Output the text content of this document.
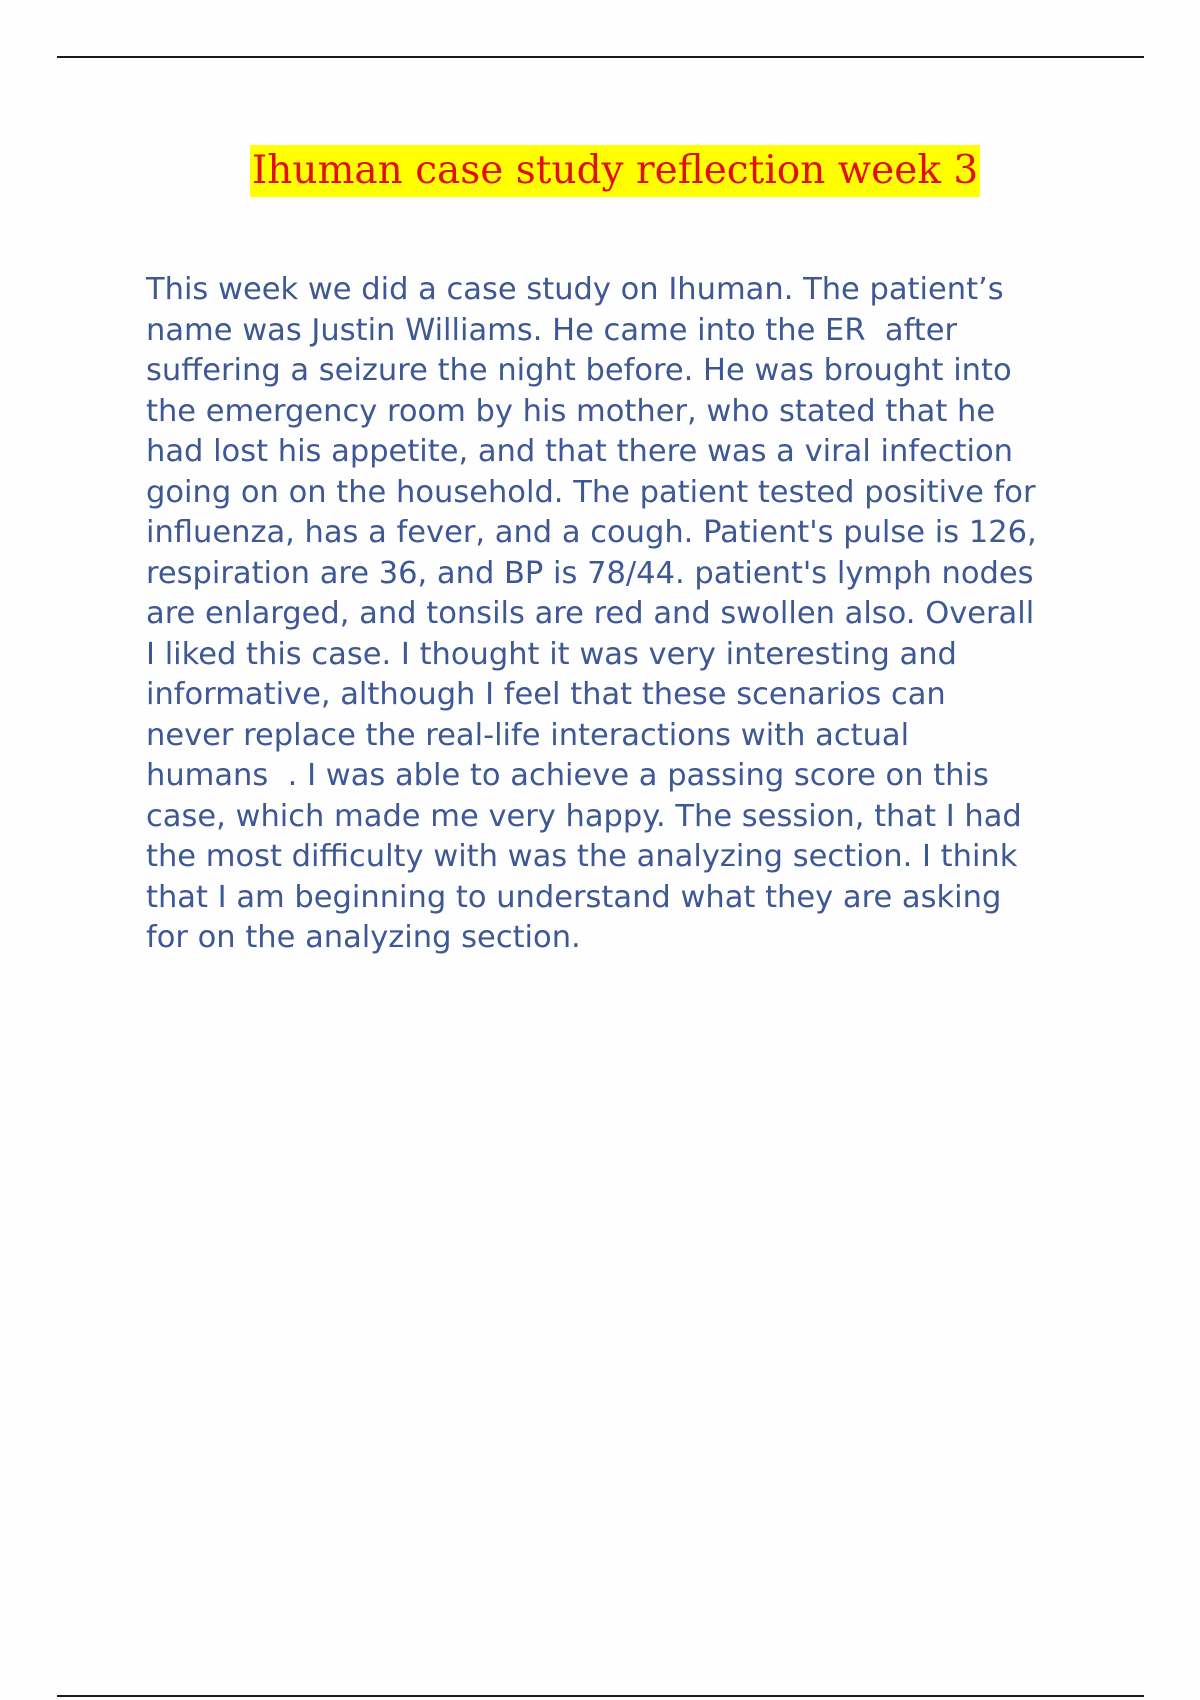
Ihuman case study reflection week 3
This week we did a case study on Ihuman. The patient’s
name was Justin Williams. He came into the ER  after
suffering a seizure the night before. He was brought into
the emergency room by his mother, who stated that he
had lost his appetite, and that there was a viral infection
going on on the household. The patient tested positive for
influenza, has a fever, and a cough. Patient's pulse is 126,
respiration are 36, and BP is 78/44. patient's lymph nodes
are enlarged, and tonsils are red and swollen also. Overall
I liked this case. I thought it was very interesting and
informative, although I feel that these scenarios can
never replace the real-life interactions with actual
humans  . I was able to achieve a passing score on this
case, which made me very happy. The session, that I had
the most difficulty with was the analyzing section. I think
that I am beginning to understand what they are asking
for on the analyzing section.
